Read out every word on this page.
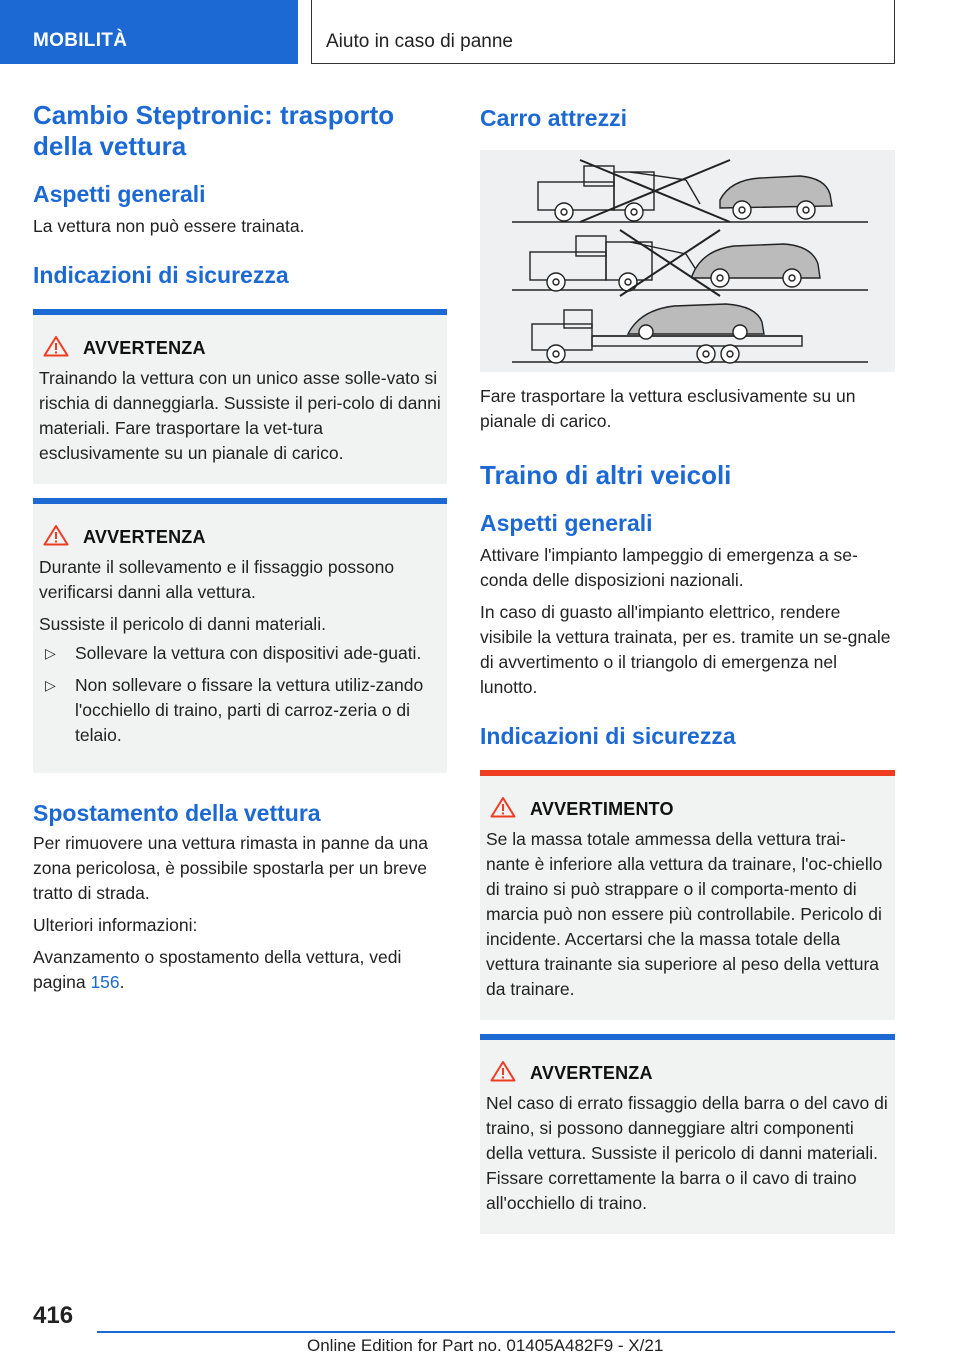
MOBILITÀ	Aiuto in caso di panne
Cambio Steptronic: trasporto della vettura
Aspetti generali

La vettura non può essere trainata.

Indicazioni di sicurezza
AVVERTENZA

Trainando la vettura con un unico asse solle-vato si rischia di danneggiarla. Sussiste il peri-colo di danni materiali. Fare trasportare la vet-tura esclusivamente su un pianale di carico.

AVVERTENZA

Durante il sollevamento e il fissaggio possono verificarsi danni alla vettura.

Sussiste il pericolo di danni materiali.

▷ Sollevare la vettura con dispositivi ade-guati.
▷ Non sollevare o fissare la vettura utiliz-zando l'occhiello di traino, parti di carroz-zeria o di telaio.
Spostamento della vettura

Per rimuovere una vettura rimasta in panne da una zona pericolosa, è possibile spostarla per un breve tratto di strada.

Ulteriori informazioni:

Avanzamento o spostamento della vettura, vedi pagina 156.

Carro attrezzi

Fare trasportare la vettura esclusivamente su un pianale di carico.

Traino di altri veicoli
Aspetti generali

Attivare l'impianto lampeggio di emergenza a se-conda delle disposizioni nazionali.

In caso di guasto all'impianto elettrico, rendere visibile la vettura trainata, per es. tramite un se-gnale di avvertimento o il triangolo di emergenza nel lunotto.

Indicazioni di sicurezza
AVVERTIMENTO

Se la massa totale ammessa della vettura trai-nante è inferiore alla vettura da trainare, l'oc-chiello di traino si può strappare o il comporta-mento di marcia può non essere più controllabile. Pericolo di incidente. Accertarsi che la massa totale della vettura trainante sia superiore al peso della vettura da trainare.

AVVERTENZA

Nel caso di errato fissaggio della barra o del cavo di traino, si possono danneggiare altri componenti della vettura. Sussiste il pericolo di danni materiali. Fissare correttamente la barra o il cavo di traino all'occhiello di traino.

416
Online Edition for Part no. 01405A482F9 - X/21
